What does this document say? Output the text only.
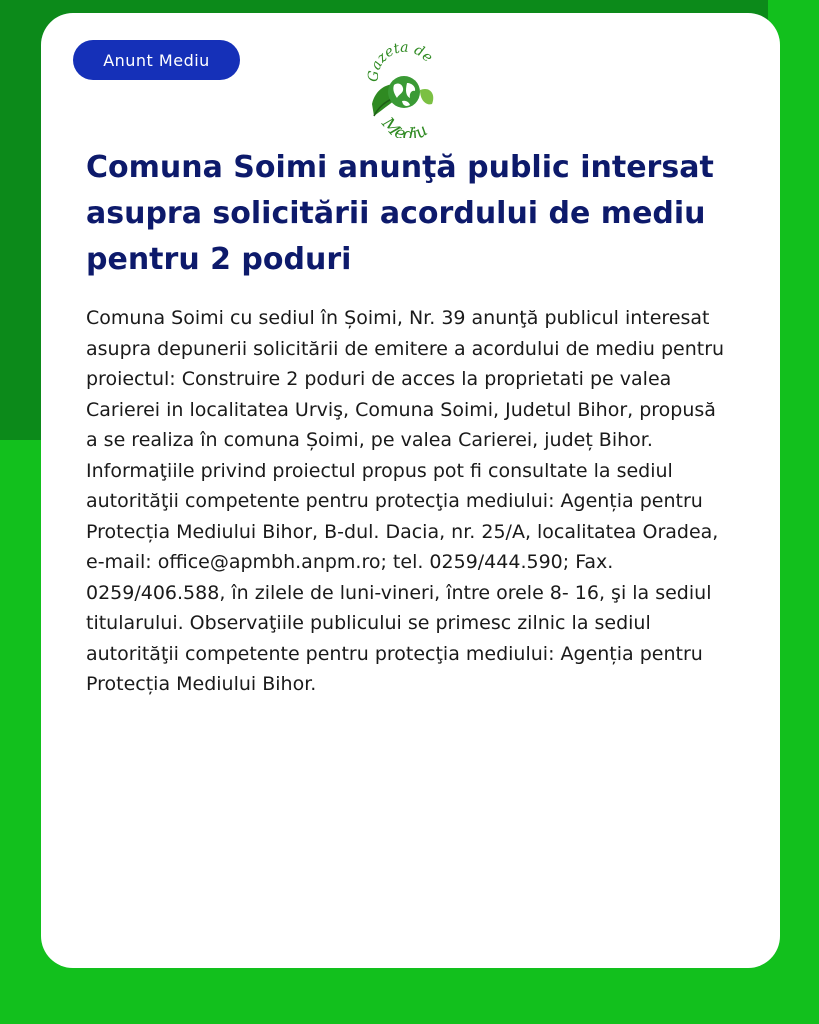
Anunt Mediu
Gazeta de
Mediu
Comuna Soimi anunţă public intersat asupra solicitării acordului de mediu pentru 2 poduri

Comuna Soimi cu sediul în Șoimi, Nr. 39 anunţă publicul interesat asupra depunerii solicitării de emitere a acordului de mediu pentru proiectul: Construire 2 poduri de acces la proprietati pe valea Carierei in localitatea Urviş, Comuna Soimi, Judetul Bihor, propusă a se realiza în comuna Șoimi, pe valea Carierei, județ Bihor. Informaţiile privind proiectul propus pot fi consultate la sediul autorităţii competente pentru protecţia mediului: Agenția pentru Protecția Mediului Bihor, B-dul. Dacia, nr. 25/A, localitatea Oradea, e-mail: office@apmbh.anpm.ro; tel. 0259/444.590; Fax. 0259/406.588, în zilele de luni-vineri, între orele 8- 16, şi la sediul titularului. Observaţiile publicului se primesc zilnic la sediul autorităţii competente pentru protecţia mediului: Agenția pentru Protecția Mediului Bihor.
